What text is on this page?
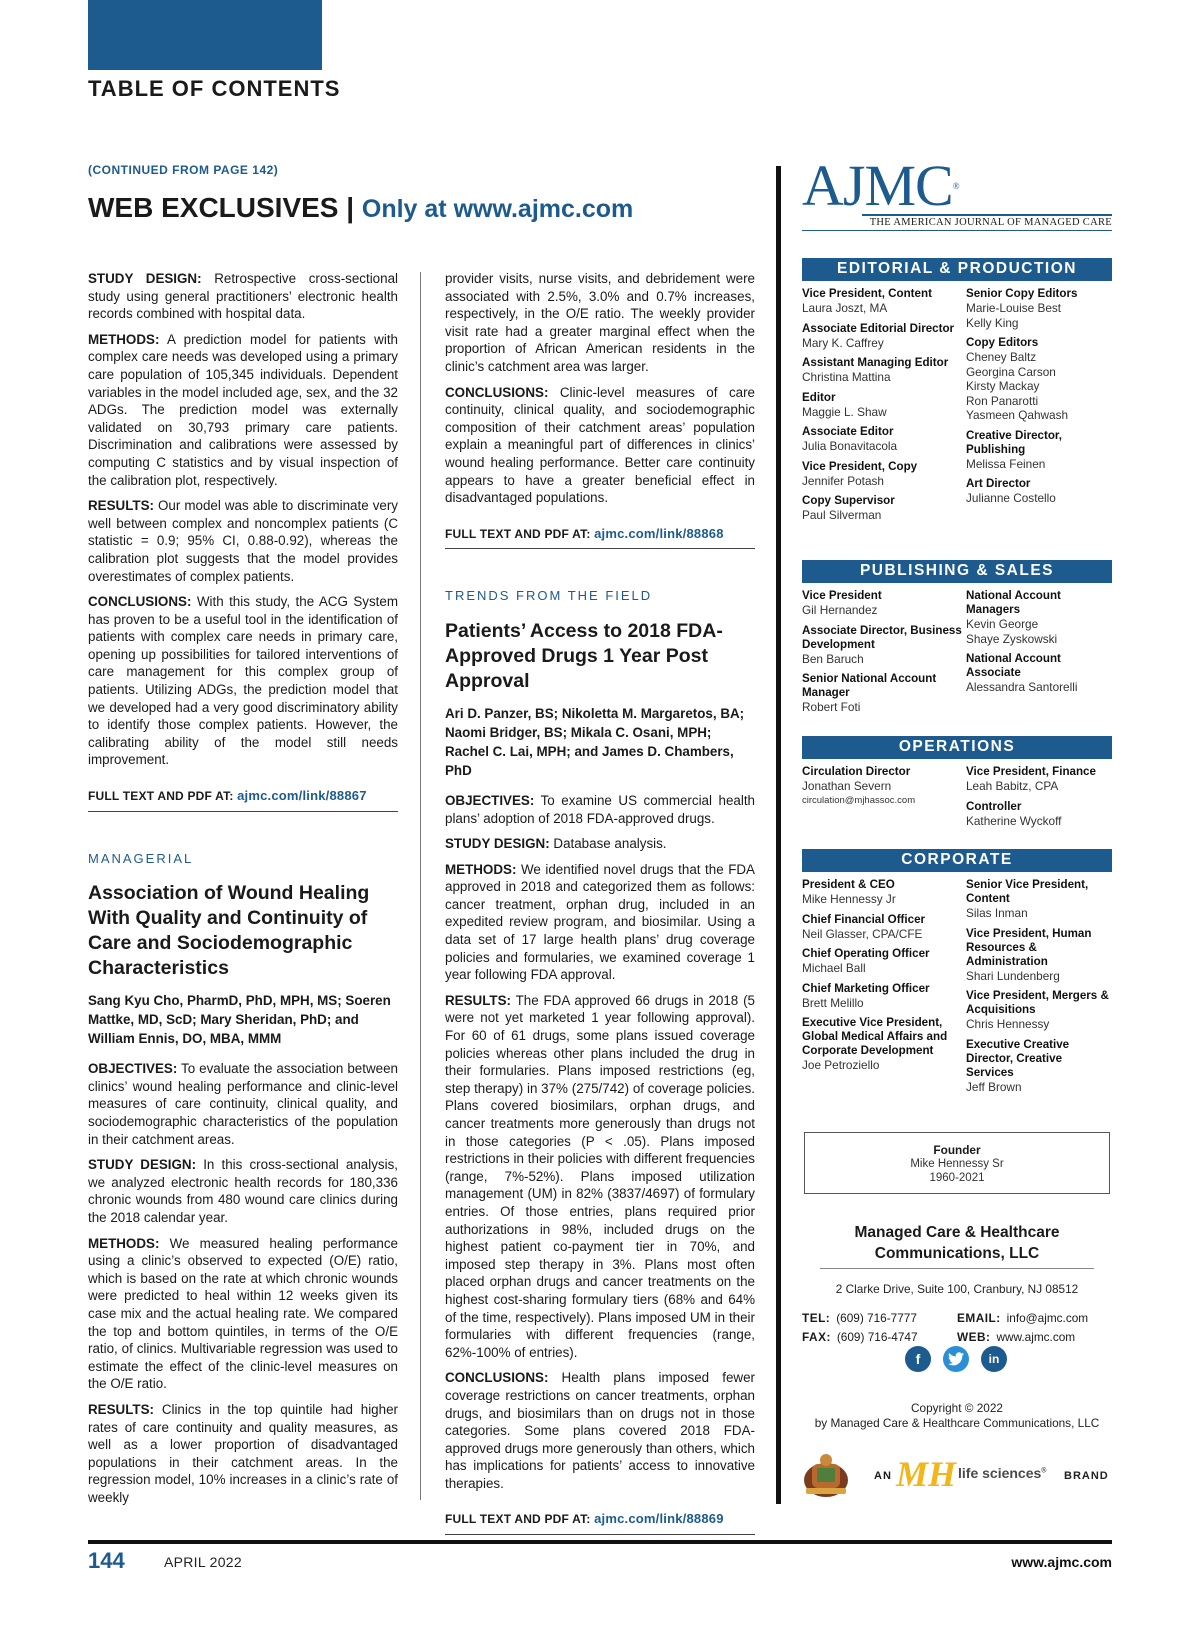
TABLE OF CONTENTS
(CONTINUED FROM PAGE 142)
WEB EXCLUSIVES | Only at www.ajmc.com

STUDY DESIGN: Retrospective cross-sectional study using general practitioners’ electronic health records combined with hospital data.

METHODS: A prediction model for patients with complex care needs was developed using a primary care population of 105,345 individuals. Dependent variables in the model included age, sex, and the 32 ADGs. The prediction model was externally validated on 30,793 primary care patients. Discrimination and calibrations were assessed by computing C statistics and by visual inspection of the calibration plot, respectively.

RESULTS: Our model was able to discriminate very well between complex and noncomplex patients (C statistic = 0.9; 95% CI, 0.88-0.92), whereas the calibration plot suggests that the model provides overestimates of complex patients.

CONCLUSIONS: With this study, the ACG System has proven to be a useful tool in the identification of patients with complex care needs in primary care, opening up possibilities for tailored interventions of care management for this complex group of patients. Utilizing ADGs, the prediction model that we developed had a very good discriminatory ability to identify those complex patients. However, the calibrating ability of the model still needs improvement.

FULL TEXT AND PDF AT: ajmc.com/link/88867
MANAGERIAL
Association of Wound Healing With Quality and Continuity of Care and Sociodemographic Characteristics
Sang Kyu Cho, PharmD, PhD, MPH, MS; Soeren Mattke, MD, ScD; Mary Sheridan, PhD; and William Ennis, DO, MBA, MMM

OBJECTIVES: To evaluate the association between clinics’ wound healing performance and clinic-level measures of care continuity, clinical quality, and sociodemographic characteristics of the population in their catchment areas.

STUDY DESIGN: In this cross-sectional analysis, we analyzed electronic health records for 180,336 chronic wounds from 480 wound care clinics during the 2018 calendar year.

METHODS: We measured healing performance using a clinic’s observed to expected (O/E) ratio, which is based on the rate at which chronic wounds were predicted to heal within 12 weeks given its case mix and the actual healing rate. We compared the top and bottom quintiles, in terms of the O/E ratio, of clinics. Multivariable regression was used to estimate the effect of the clinic-level measures on the O/E ratio.

RESULTS: Clinics in the top quintile had higher rates of care continuity and quality measures, as well as a lower proportion of disadvantaged populations in their catchment areas. In the regression model, 10% increases in a clinic’s rate of weekly

provider visits, nurse visits, and debridement were associated with 2.5%, 3.0% and 0.7% increases, respectively, in the O/E ratio. The weekly provider visit rate had a greater marginal effect when the proportion of African American residents in the clinic’s catchment area was larger.

CONCLUSIONS: Clinic-level measures of care continuity, clinical quality, and sociodemographic composition of their catchment areas’ population explain a meaningful part of differences in clinics’ wound healing performance. Better care continuity appears to have a greater beneficial effect in disadvantaged populations.

FULL TEXT AND PDF AT: ajmc.com/link/88868
TRENDS FROM THE FIELD
Patients’ Access to 2018 FDA-Approved Drugs 1 Year Post Approval
Ari D. Panzer, BS; Nikoletta M. Margaretos, BA; Naomi Bridger, BS; Mikala C. Osani, MPH; Rachel C. Lai, MPH; and James D. Chambers, PhD

OBJECTIVES: To examine US commercial health plans’ adoption of 2018 FDA-approved drugs.

STUDY DESIGN: Database analysis.

METHODS: We identified novel drugs that the FDA approved in 2018 and categorized them as follows: cancer treatment, orphan drug, included in an expedited review program, and biosimilar. Using a data set of 17 large health plans’ drug coverage policies and formularies, we examined coverage 1 year following FDA approval.

RESULTS: The FDA approved 66 drugs in 2018 (5 were not yet marketed 1 year following approval). For 60 of 61 drugs, some plans issued coverage policies whereas other plans included the drug in their formularies. Plans imposed restrictions (eg, step therapy) in 37% (275/742) of coverage policies. Plans covered biosimilars, orphan drugs, and cancer treatments more generously than drugs not in those categories (P < .05). Plans imposed restrictions in their policies with different frequencies (range, 7%-52%). Plans imposed utilization management (UM) in 82% (3837/4697) of formulary entries. Of those entries, plans required prior authorizations in 98%, included drugs on the highest patient co-payment tier in 70%, and imposed step therapy in 3%. Plans most often placed orphan drugs and cancer treatments on the highest cost-sharing formulary tiers (68% and 64% of the time, respectively). Plans imposed UM in their formularies with different frequencies (range, 62%-100% of entries).

CONCLUSIONS: Health plans imposed fewer coverage restrictions on cancer treatments, orphan drugs, and biosimilars than on drugs not in those categories. Some plans covered 2018 FDA-approved drugs more generously than others, which has implications for patients’ access to innovative therapies.

FULL TEXT AND PDF AT: ajmc.com/link/88869
AJMC®
THE AMERICAN JOURNAL OF MANAGED CARE
EDITORIAL & PRODUCTION
Vice President, Content
Laura Joszt, MA
Associate Editorial Director
Mary K. Caffrey
Assistant Managing Editor
Christina Mattina
Editor
Maggie L. Shaw
Associate Editor
Julia Bonavitacola
Vice President, Copy
Jennifer Potash
Copy Supervisor
Paul Silverman
Senior Copy Editors
Marie-Louise Best
Kelly King
Copy Editors
Cheney Baltz
Georgina Carson
Kirsty Mackay
Ron Panarotti
Yasmeen Qahwash
Creative Director, Publishing
Melissa Feinen
Art Director
Julianne Costello
PUBLISHING & SALES
Vice President
Gil Hernandez
Associate Director, Business Development
Ben Baruch
Senior National Account Manager
Robert Foti
National Account Managers
Kevin George
Shaye Zyskowski
National Account Associate
Alessandra Santorelli
OPERATIONS
Circulation Director
Jonathan Severn
circulation@mjhassoc.com
Vice President, Finance
Leah Babitz, CPA
Controller
Katherine Wyckoff
CORPORATE
President & CEO
Mike Hennessy Jr
Chief Financial Officer
Neil Glasser, CPA/CFE
Chief Operating Officer
Michael Ball
Chief Marketing Officer
Brett Melillo
Executive Vice President, Global Medical Affairs and Corporate Development
Joe Petroziello
Senior Vice President, Content
Silas Inman
Vice President, Human Resources & Administration
Shari Lundenberg
Vice President, Mergers & Acquisitions
Chris Hennessy
Executive Creative Director, Creative Services
Jeff Brown
Founder
Mike Hennessy Sr
1960-2021
Managed Care & Healthcare Communications, LLC
2 Clarke Drive, Suite 100, Cranbury, NJ 08512
TEL: (609) 716-7777	EMAIL: info@ajmc.com
FAX: (609) 716-4747	WEB: www.ajmc.com
f	in
Copyright © 2022
by Managed Care & Healthcare Communications, LLC
AN MH life sciences® BRAND
144	APRIL 2022	www.ajmc.com
